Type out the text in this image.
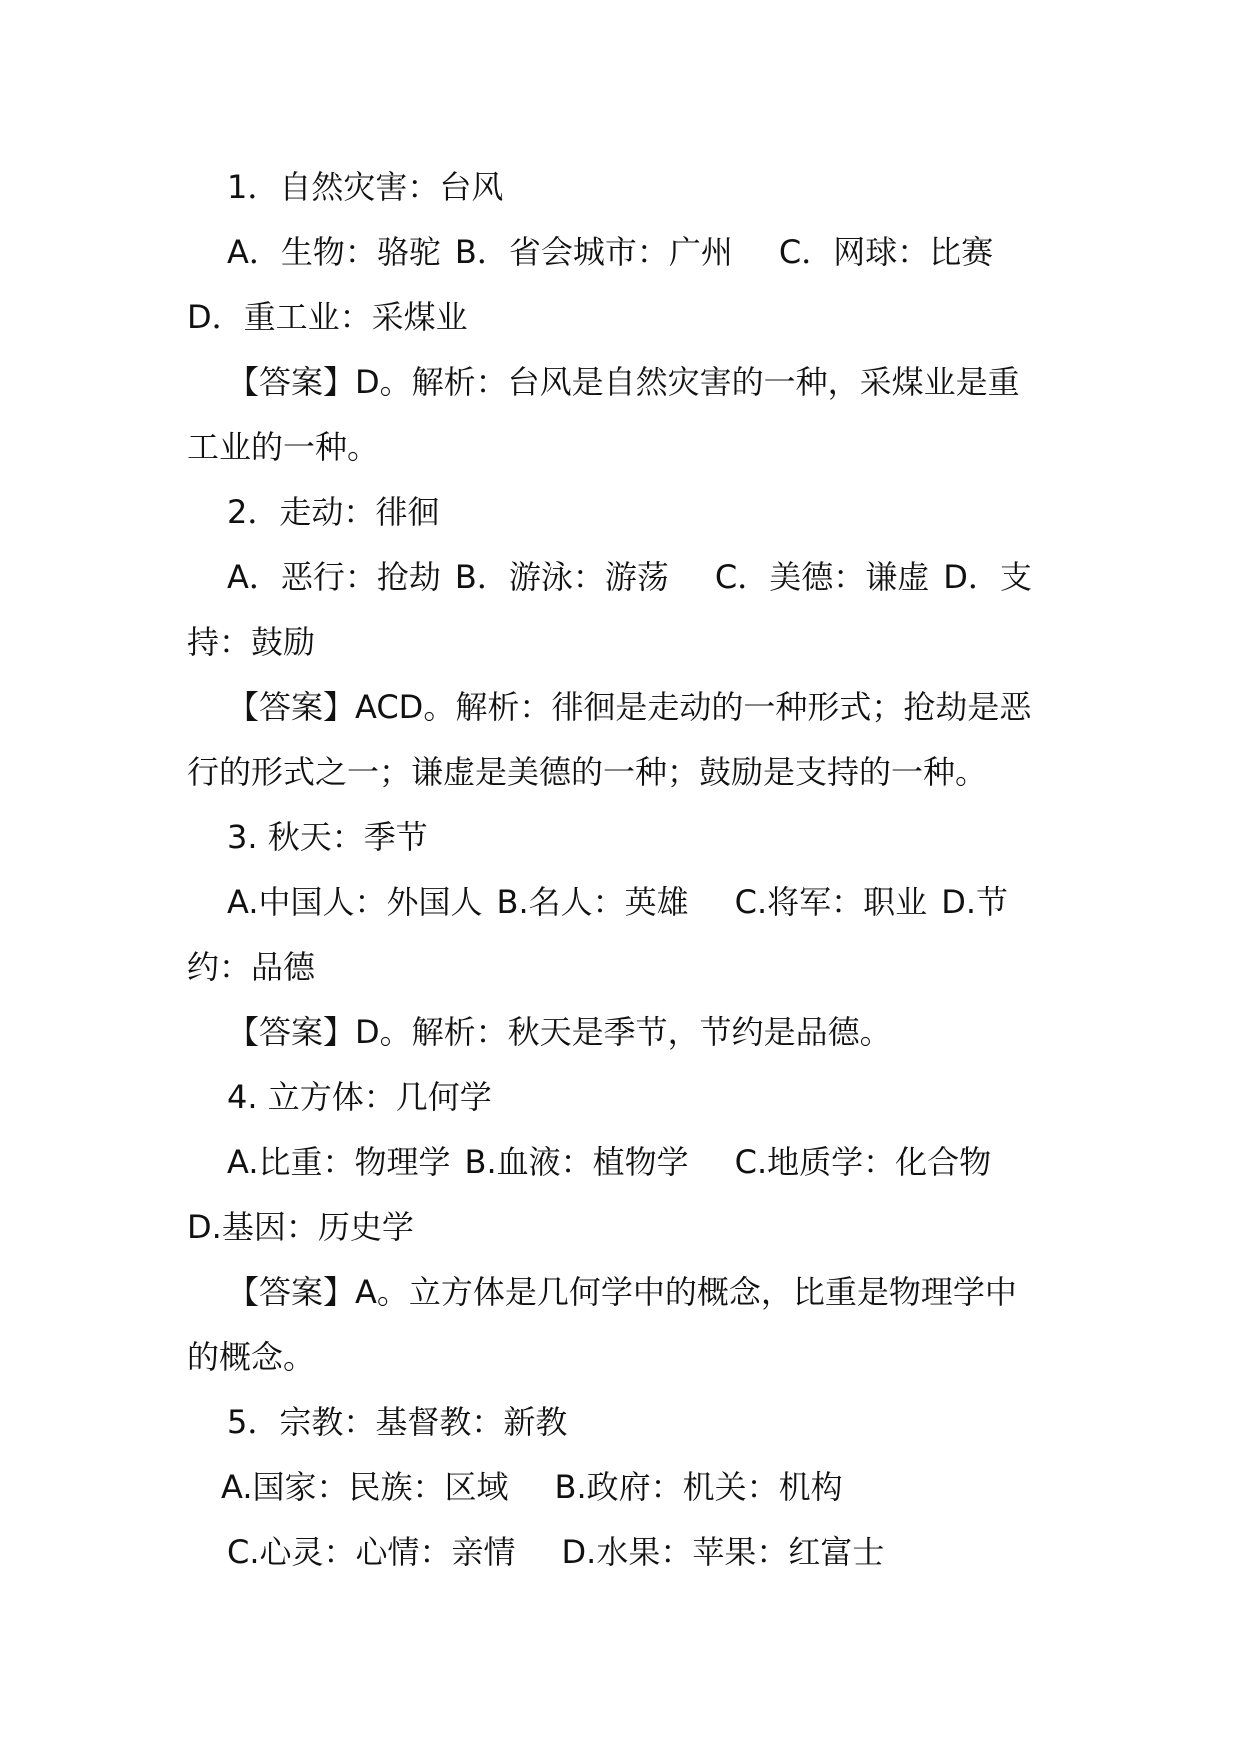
1．自然灾害：台风

A．生物：骆驼 B．省会城市：广州 C．网球：比赛

D．重工业：采煤业

【答案】D。解析：台风是自然灾害的一种，采煤业是重

工业的一种。

2．走动：徘徊

A．恶行：抢劫 B．游泳：游荡 C．美德：谦虚 D．支

持：鼓励

【答案】ACD。解析：徘徊是走动的一种形式；抢劫是恶

行的形式之一；谦虚是美德的一种；鼓励是支持的一种。

3. 秋天：季节

A.中国人：外国人 B.名人：英雄 C.将军：职业 D.节

约：品德

【答案】D。解析：秋天是季节，节约是品德。

4. 立方体：几何学

A.比重：物理学 B.血液：植物学 C.地质学：化合物

D.基因：历史学

【答案】A。立方体是几何学中的概念，比重是物理学中

的概念。

5．宗教：基督教：新教

A.国家：民族：区域 B.政府：机关：机构

C.心灵：心情：亲情 D.水果：苹果：红富士
